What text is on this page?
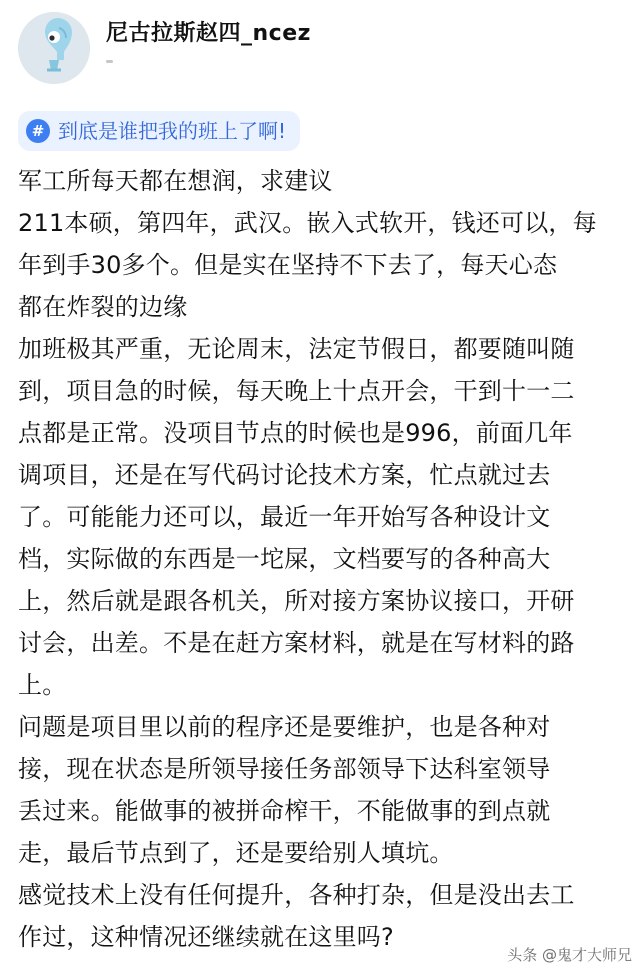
尼古拉斯赵四_ncez
# 到底是谁把我的班上了啊!
军工所每天都在想润，求建议
211本硕，第四年，武汉。嵌入式软开，钱还可以，每
年到手30多个。但是实在坚持不下去了，每天心态
都在炸裂的边缘
加班极其严重，无论周末，法定节假日，都要随叫随
到，项目急的时候，每天晚上十点开会，干到十一二
点都是正常。没项目节点的时候也是996，前面几年
调项目，还是在写代码讨论技术方案，忙点就过去
了。可能能力还可以，最近一年开始写各种设计文
档，实际做的东西是一坨屎，文档要写的各种高大
上，然后就是跟各机关，所对接方案协议接口，开研
讨会，出差。不是在赶方案材料，就是在写材料的路
上。
问题是项目里以前的程序还是要维护，也是各种对
接，现在状态是所领导接任务部领导下达科室领导
丢过来。能做事的被拼命榨干，不能做事的到点就
走，最后节点到了，还是要给别人填坑。
感觉技术上没有任何提升，各种打杂，但是没出去工
作过，这种情况还继续就在这里吗?
头条 @鬼才大师兄
